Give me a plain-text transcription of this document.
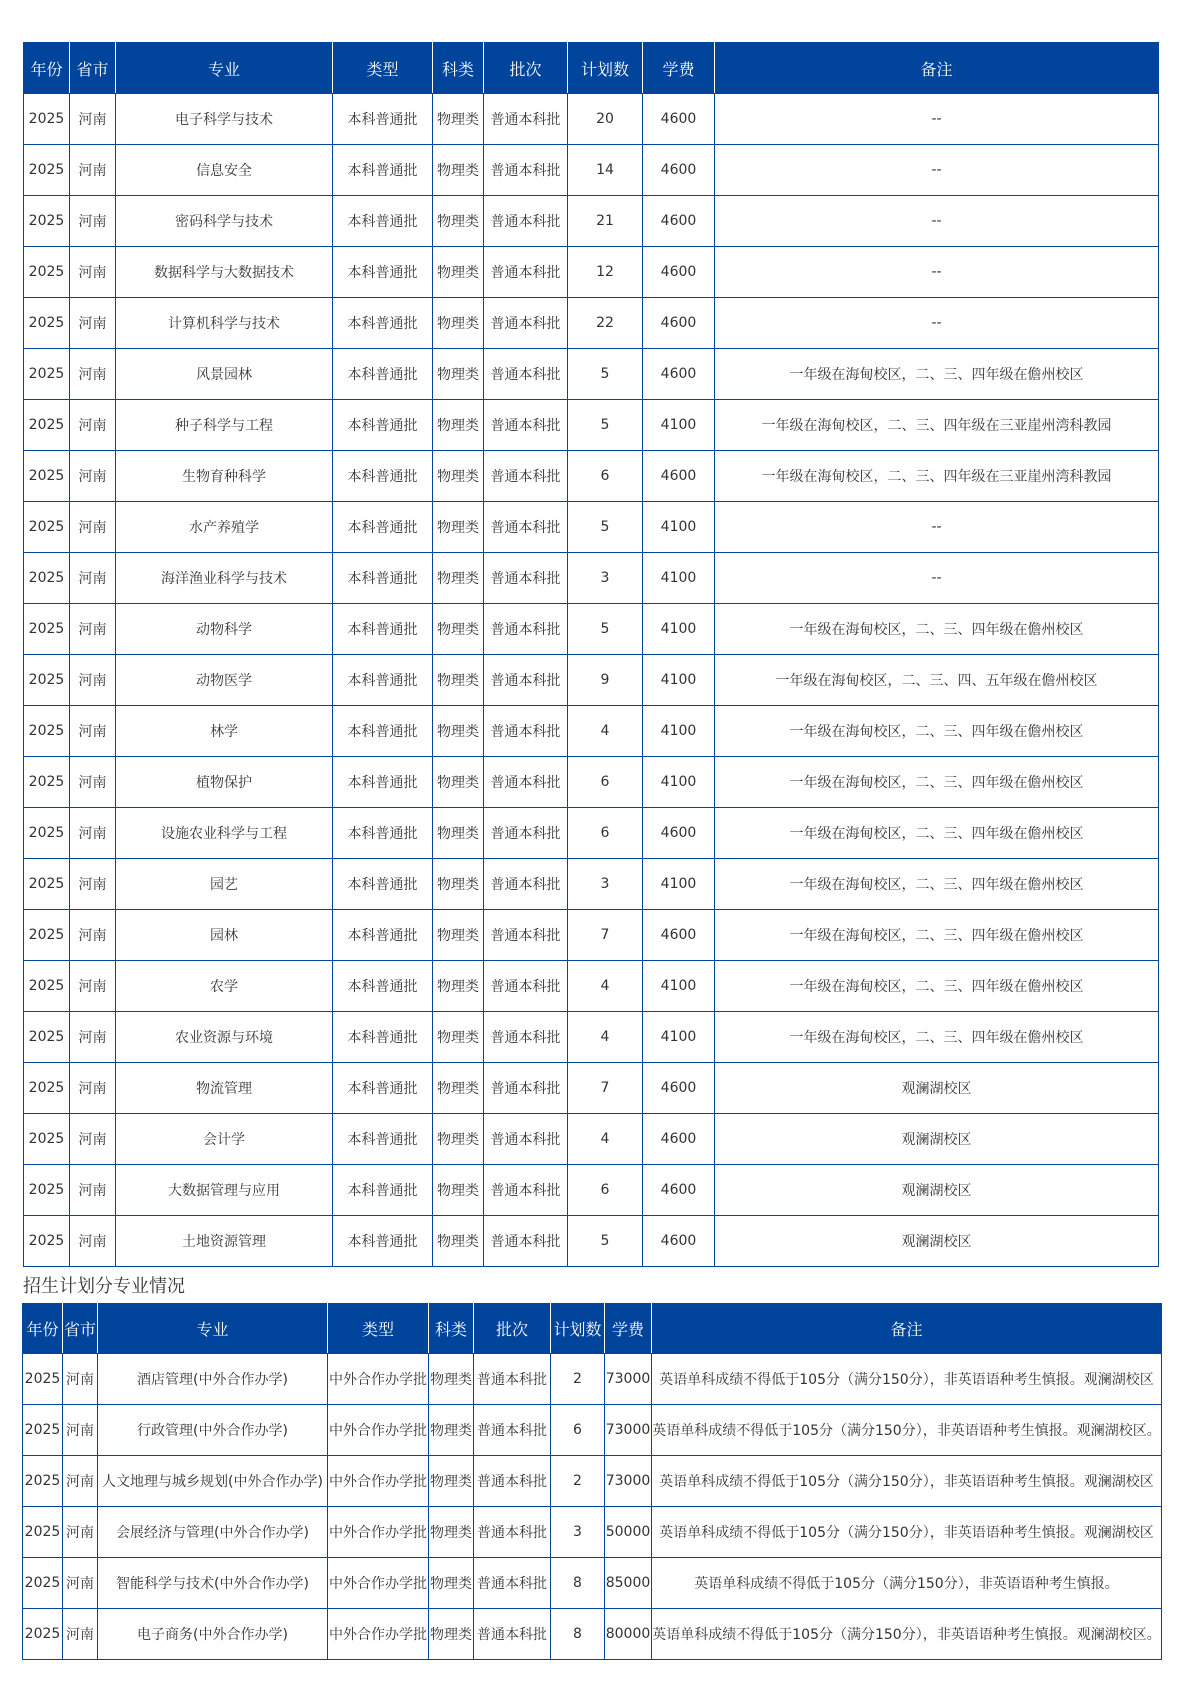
年份	省市	专业	类型	科类	批次	计划数	学费	备注
2025	河南	电子科学与技术	本科普通批	物理类	普通本科批	20	4600	--
2025	河南	信息安全	本科普通批	物理类	普通本科批	14	4600	--
2025	河南	密码科学与技术	本科普通批	物理类	普通本科批	21	4600	--
2025	河南	数据科学与大数据技术	本科普通批	物理类	普通本科批	12	4600	--
2025	河南	计算机科学与技术	本科普通批	物理类	普通本科批	22	4600	--
2025	河南	风景园林	本科普通批	物理类	普通本科批	5	4600	一年级在海甸校区，二、三、四年级在儋州校区
2025	河南	种子科学与工程	本科普通批	物理类	普通本科批	5	4100	一年级在海甸校区，二、三、四年级在三亚崖州湾科教园
2025	河南	生物育种科学	本科普通批	物理类	普通本科批	6	4600	一年级在海甸校区，二、三、四年级在三亚崖州湾科教园
2025	河南	水产养殖学	本科普通批	物理类	普通本科批	5	4100	--
2025	河南	海洋渔业科学与技术	本科普通批	物理类	普通本科批	3	4100	--
2025	河南	动物科学	本科普通批	物理类	普通本科批	5	4100	一年级在海甸校区，二、三、四年级在儋州校区
2025	河南	动物医学	本科普通批	物理类	普通本科批	9	4100	一年级在海甸校区，二、三、四、五年级在儋州校区
2025	河南	林学	本科普通批	物理类	普通本科批	4	4100	一年级在海甸校区，二、三、四年级在儋州校区
2025	河南	植物保护	本科普通批	物理类	普通本科批	6	4100	一年级在海甸校区，二、三、四年级在儋州校区
2025	河南	设施农业科学与工程	本科普通批	物理类	普通本科批	6	4600	一年级在海甸校区，二、三、四年级在儋州校区
2025	河南	园艺	本科普通批	物理类	普通本科批	3	4100	一年级在海甸校区，二、三、四年级在儋州校区
2025	河南	园林	本科普通批	物理类	普通本科批	7	4600	一年级在海甸校区，二、三、四年级在儋州校区
2025	河南	农学	本科普通批	物理类	普通本科批	4	4100	一年级在海甸校区，二、三、四年级在儋州校区
2025	河南	农业资源与环境	本科普通批	物理类	普通本科批	4	4100	一年级在海甸校区，二、三、四年级在儋州校区
2025	河南	物流管理	本科普通批	物理类	普通本科批	7	4600	观澜湖校区
2025	河南	会计学	本科普通批	物理类	普通本科批	4	4600	观澜湖校区
2025	河南	大数据管理与应用	本科普通批	物理类	普通本科批	6	4600	观澜湖校区
2025	河南	土地资源管理	本科普通批	物理类	普通本科批	5	4600	观澜湖校区
招生计划分专业情况
年份	省市	专业	类型	科类	批次	计划数	学费	备注
2025	河南	酒店管理(中外合作办学)	中外合作办学批	物理类	普通本科批	2	73000	英语单科成绩不得低于105分（满分150分），非英语语种考生慎报。观澜湖校区
2025	河南	行政管理(中外合作办学)	中外合作办学批	物理类	普通本科批	6	73000	英语单科成绩不得低于105分（满分150分），非英语语种考生慎报。观澜湖校区。
2025	河南	人文地理与城乡规划(中外合作办学)	中外合作办学批	物理类	普通本科批	2	73000	英语单科成绩不得低于105分（满分150分），非英语语种考生慎报。观澜湖校区
2025	河南	会展经济与管理(中外合作办学)	中外合作办学批	物理类	普通本科批	3	50000	英语单科成绩不得低于105分（满分150分），非英语语种考生慎报。观澜湖校区
2025	河南	智能科学与技术(中外合作办学)	中外合作办学批	物理类	普通本科批	8	85000	英语单科成绩不得低于105分（满分150分），非英语语种考生慎报。
2025	河南	电子商务(中外合作办学)	中外合作办学批	物理类	普通本科批	8	80000	英语单科成绩不得低于105分（满分150分），非英语语种考生慎报。观澜湖校区。
